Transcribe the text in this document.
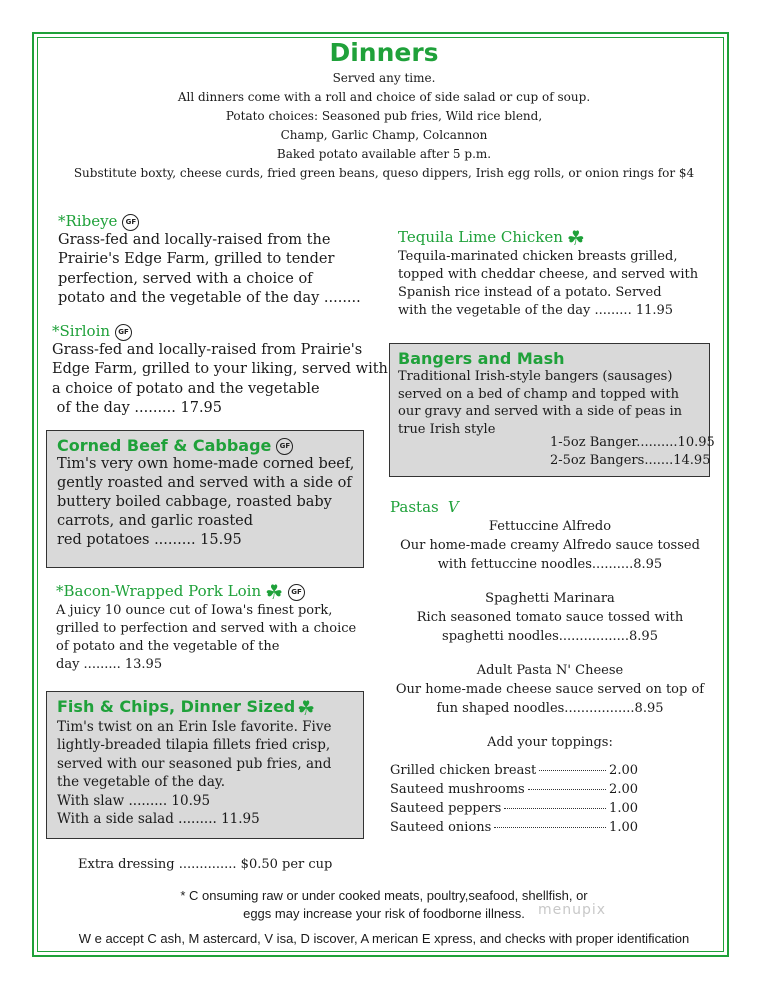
Dinners
Served any time.
All dinners come with a roll and choice of side salad or cup of soup.
Potato choices: Seasoned pub fries, Wild rice blend,
Champ, Garlic Champ, Colcannon
Baked potato available after 5 p.m.
Substitute boxty, cheese curds, fried green beans, queso dippers, Irish egg rolls, or onion rings for $4
*Ribeye GF
Grass-fed and locally-raised from the
Prairie's Edge Farm, grilled to tender
perfection, served with a choice of
potato and the vegetable of the day ........
*Sirloin GF
Grass-fed and locally-raised from Prairie's
Edge Farm, grilled to your liking, served with
a choice of potato and the vegetable
of the day ......... 17.95
Corned Beef & Cabbage GF
Tim's very own home-made corned beef,
gently roasted and served with a side of
buttery boiled cabbage, roasted baby
carrots, and garlic roasted
red potatoes ......... 15.95
*Bacon-Wrapped Pork Loin ☘ GF
A juicy 10 ounce cut of Iowa's finest pork,
grilled to perfection and served with a choice
of potato and the vegetable of the
day ......... 13.95
Fish & Chips, Dinner Sized ☘
Tim's twist on an Erin Isle favorite. Five
lightly-breaded tilapia fillets fried crisp,
served with our seasoned pub fries, and
the vegetable of the day.
With slaw ......... 10.95
With a side salad ......... 11.95
Extra dressing .............. $0.50 per cup
Tequila Lime Chicken ☘
Tequila-marinated chicken breasts grilled,
topped with cheddar cheese, and served with
Spanish rice instead of a potato. Served
with the vegetable of the day ......... 11.95
Bangers and Mash
Traditional Irish-style bangers (sausages)
served on a bed of champ and topped with
our gravy and served with a side of peas in
true Irish style
1-5oz Banger..........10.95
2-5oz Bangers.......14.95
Pastas V
Fettuccine Alfredo
Our home-made creamy Alfredo sauce tossed
with fettuccine noodles..........8.95
Spaghetti Marinara
Rich seasoned tomato sauce tossed with
spaghetti noodles.................8.95
Adult Pasta N' Cheese
Our home-made cheese sauce served on top of
fun shaped noodles.................8.95
Add your toppings:
Grilled chicken breast	2.00
Sauteed mushrooms	2.00
Sauteed peppers	1.00
Sauteed onions	1.00
* C onsuming raw or under cooked meats, poultry,seafood, shellfish, or
eggs may increase your risk of foodborne illness. menupix
W e accept C ash, M astercard, V isa, D iscover, A merican E xpress, and checks with proper identification
